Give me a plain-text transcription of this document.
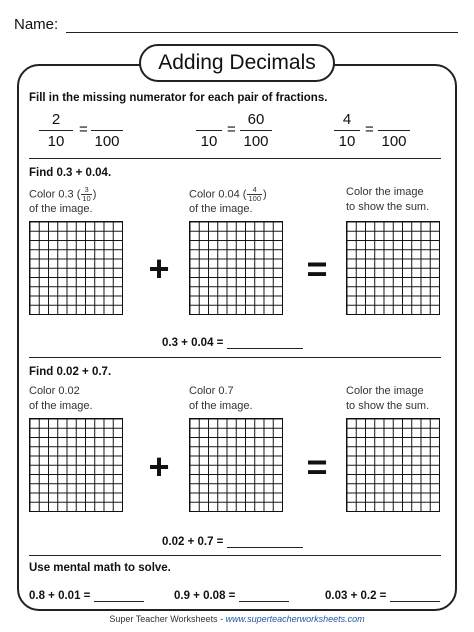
Name:
Adding Decimals
Fill in the missing numerator for each pair of fractions.
2
10
=
100	10
=
60
100
4
10
=
100
Find 0.3 + 0.04.
Color 0.3 ( $\frac{3}{10}$ )
of the image.
Color 0.04 ( $\frac{4}{100}$ )
of the image.
Color the image
to show the sum.
+	=
0.3 + 0.04 =
Find 0.02 + 0.7.
Color 0.02
of the image.
Color 0.7
of the image.
Color the image
to show the sum.
+	=
0.02 + 0.7 =
Use mental math to solve.
0.8 + 0.01 =	0.9 + 0.08 =	0.03 + 0.2 =
Super Teacher Worksheets - www.superteacherworksheets.com
